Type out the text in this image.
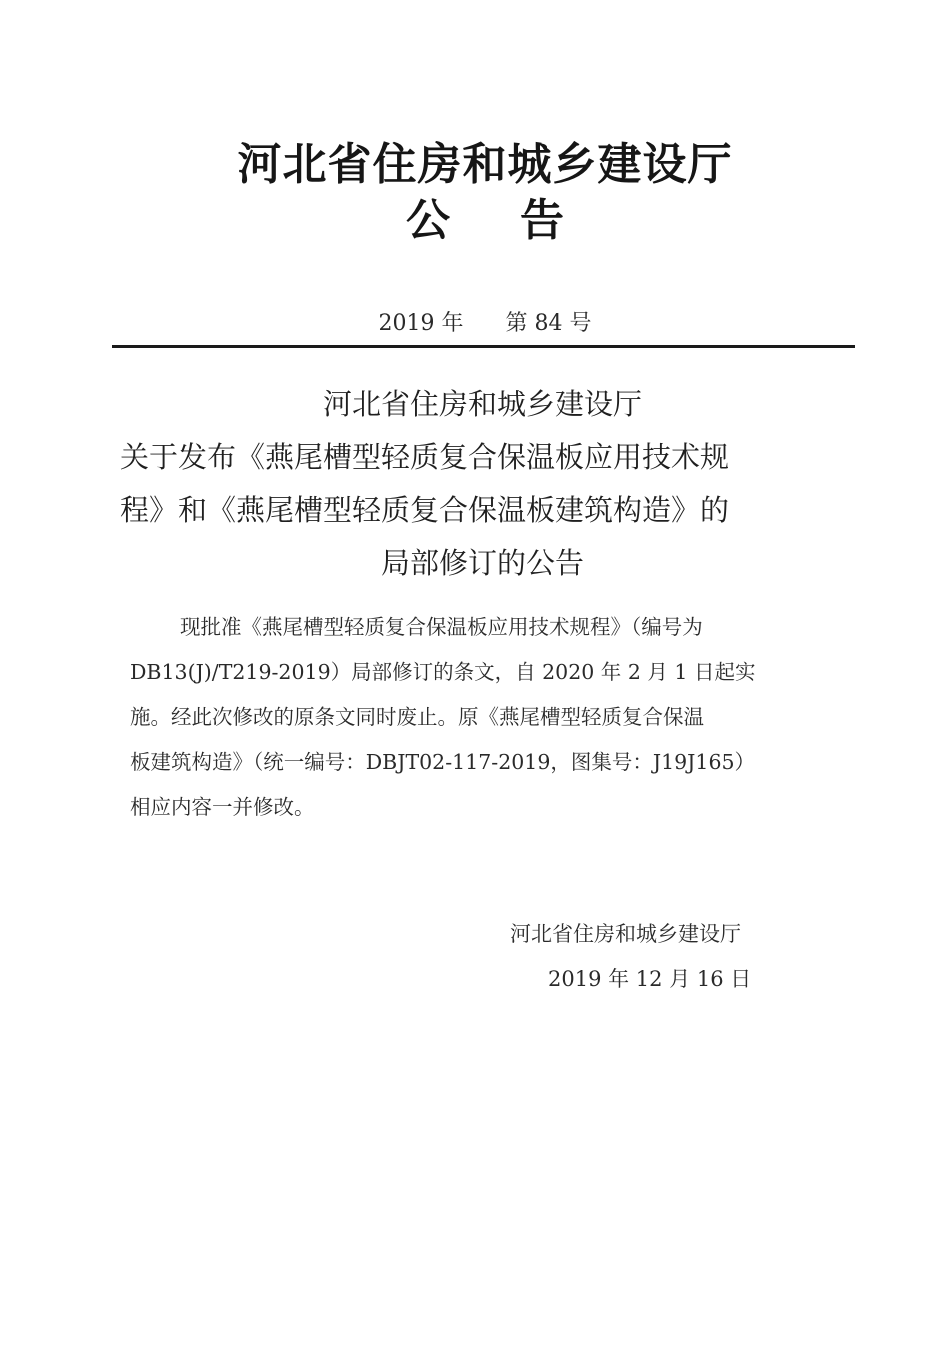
河北省住房和城乡建设厅
公告
2019 年      第 84 号
河北省住房和城乡建设厅
关于发布《燕尾槽型轻质复合保温板应用技术规
程》和《燕尾槽型轻质复合保温板建筑构造》的
局部修订的公告
现批准《燕尾槽型轻质复合保温板应用技术规程》（编号为
DB13(J)/T219-2019）局部修订的条文，自 2020 年 2 月 1 日起实
施。经此次修改的原条文同时废止。原《燕尾槽型轻质复合保温
板建筑构造》（统一编号：DBJT02-117-2019，图集号：J19J165）
相应内容一并修改。
河北省住房和城乡建设厅
2019 年 12 月 16 日
